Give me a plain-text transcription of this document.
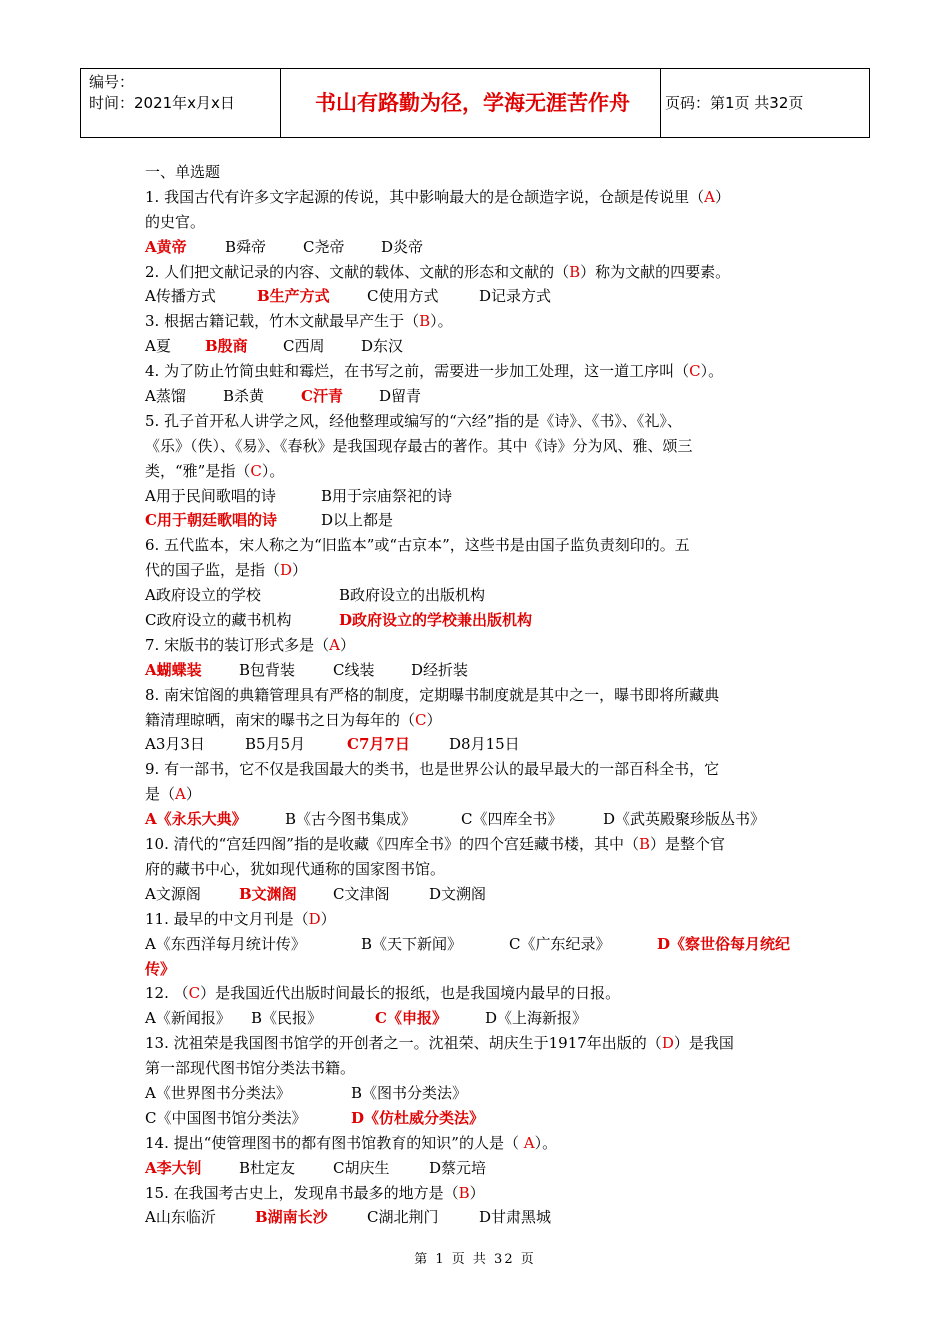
编号：
时间：2021年x月x日	书山有路勤为径，学海无涯苦作舟	页码：第1页 共32页
一、单选题
1. 我国古代有许多文字起源的传说，其中影响最大的是仓颉造字说，仓颉是传说里（A）
的史官。
A黄帝	B舜帝 C尧帝 D炎帝
2. 人们把文献记录的内容、文献的载体、文献的形态和文献的（B）称为文献的四要素。
A传播方式	B生产方式 C使用方式	D记录方式
3. 根据古籍记载，竹木文献最早产生于（B）。
A夏 B殷商 C西周 D东汉
4. 为了防止竹简虫蛀和霉烂，在书写之前，需要进一步加工处理，这一道工序叫（C）。
A蒸馏 B杀黄 C汗青 D留青
5. 孔子首开私人讲学之风，经他整理或编写的“六经”指的是《诗》、《书》、《礼》、
《乐》（佚）、《易》、《春秋》是我国现存最古的著作。其中《诗》分为风、雅、颂三
类，“雅”是指（C）。
A用于民间歌唱的诗	B用于宗庙祭祀的诗
C用于朝廷歌唱的诗	D以上都是
6. 五代监本，宋人称之为“旧监本”或“古京本”，这些书是由国子监负责刻印的。五
代的国子监，是指（D）
A政府设立的学校	B政府设立的出版机构
C政府设立的藏书机构	D政府设立的学校兼出版机构
7. 宋版书的装订形式多是（A）
A蝴蝶装 B包背装	C线装 D经折装
8. 南宋馆阁的典籍管理具有严格的制度，定期曝书制度就是其中之一，曝书即将所藏典
籍清理晾晒，南宋的曝书之日为每年的（C）
A3月3日	B5月5月	C7月7日	D8月15日
9. 有一部书，它不仅是我国最大的类书，也是世界公认的最早最大的一部百科全书，它
是（A）
A《永乐大典》	B《古今图书集成》	C《四库全书》	D《武英殿聚珍版丛书》
10. 清代的“宫廷四阁”指的是收藏《四库全书》的四个宫廷藏书楼，其中（B）是整个官
府的藏书中心，犹如现代通称的国家图书馆。
A文源阁	B文渊阁 C文津阁	D文溯阁
11. 最早的中文月刊是（D）
A《东西洋每月统计传》	B《天下新闻》	C《广东纪录》	D《察世俗每月统纪
传》
12. （C）是我国近代出版时间最长的报纸，也是我国境内最早的日报。
A《新闻报》 B《民报》	C《申报》	D《上海新报》
13. 沈祖荣是我国图书馆学的开创者之一。沈祖荣、胡庆生于1917年出版的（D）是我国
第一部现代图书馆分类法书籍。
A《世界图书分类法》	B《图书分类法》
C《中国图书馆分类法》	D《仿杜威分类法》
14. 提出“使管理图书的都有图书馆教育的知识”的人是（ A）。
A李大钊 B杜定友	C胡庆生	D蔡元培
15. 在我国考古史上，发现帛书最多的地方是（B）
A山东临沂	B湖南长沙	C湖北荆门	D甘肃黑城
第 1 页 共 32 页
